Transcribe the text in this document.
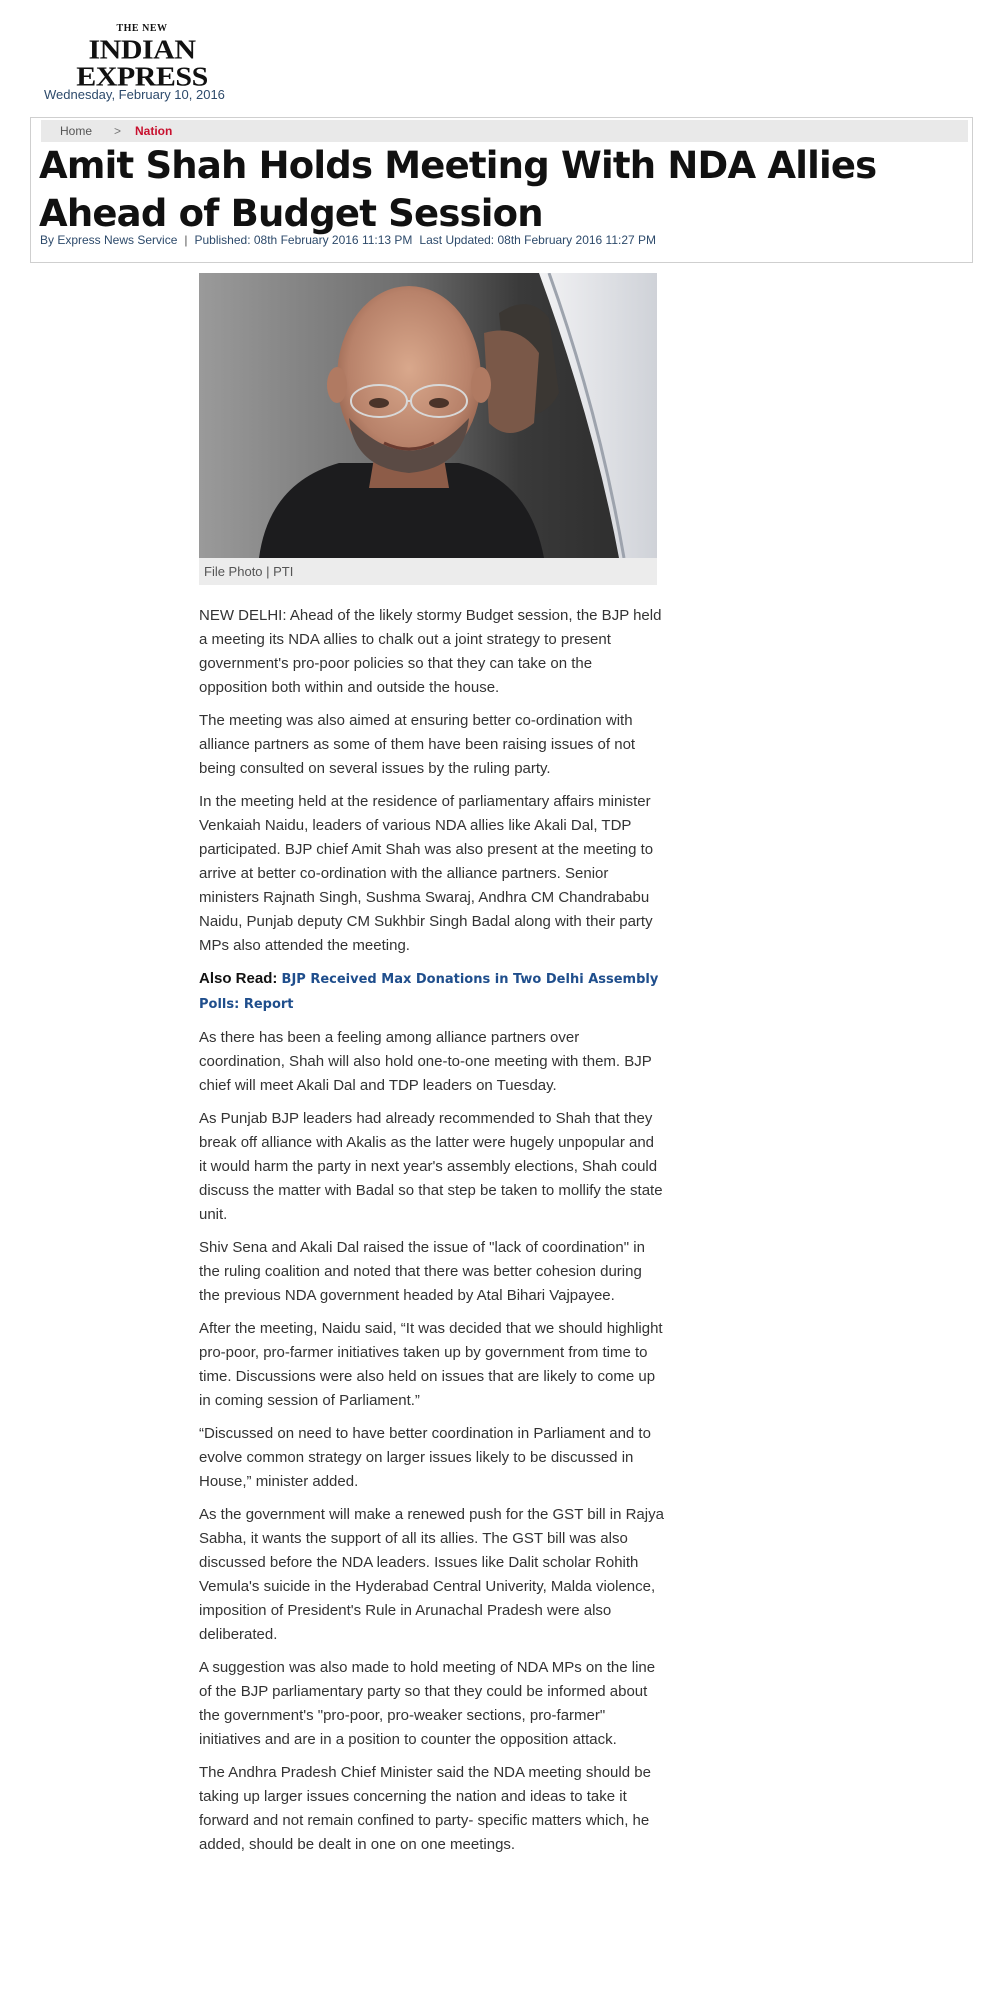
THE NEW
INDIAN EXPRESS
Wednesday, February 10, 2016
Home > Nation
Amit Shah Holds Meeting With NDA Allies Ahead of Budget Session
By Express News Service | Published: 08th February 2016 11:13 PM Last Updated: 08th February 2016 11:27 PM
File Photo | PTI

NEW DELHI: Ahead of the likely stormy Budget session, the BJP held a meeting its NDA allies to chalk out a joint strategy to present government's pro-poor policies so that they can take on the opposition both within and outside the house.

The meeting was also aimed at ensuring better co-ordination with alliance partners as some of them have been raising issues of not being consulted on several issues by the ruling party.

In the meeting held at the residence of parliamentary affairs minister Venkaiah Naidu, leaders of various NDA allies like Akali Dal, TDP participated. BJP chief Amit Shah was also present at the meeting to arrive at better co-ordination with the alliance partners. Senior ministers Rajnath Singh, Sushma Swaraj, Andhra CM Chandrababu Naidu, Punjab deputy CM Sukhbir Singh Badal along with their party MPs also attended the meeting.

Also Read: BJP Received Max Donations in Two Delhi Assembly Polls: Report

As there has been a feeling among alliance partners over coordination, Shah will also hold one-to-one meeting with them. BJP chief will meet Akali Dal and TDP leaders on Tuesday.

As Punjab BJP leaders had already recommended to Shah that they break off alliance with Akalis as the latter were hugely unpopular and it would harm the party in next year's assembly elections, Shah could discuss the matter with Badal so that step be taken to mollify the state unit.

Shiv Sena and Akali Dal raised the issue of "lack of coordination" in the ruling coalition and noted that there was better cohesion during the previous NDA government headed by Atal Bihari Vajpayee.

After the meeting, Naidu said, “It was decided that we should highlight pro-poor, pro-farmer initiatives taken up by government from time to time. Discussions were also held on issues that are likely to come up in coming session of Parliament.”

“Discussed on need to have better coordination in Parliament and to evolve common strategy on larger issues likely to be discussed in House,” minister added.

As the government will make a renewed push for the GST bill in Rajya Sabha, it wants the support of all its allies. The GST bill was also discussed before the NDA leaders. Issues like Dalit scholar Rohith Vemula's suicide in the Hyderabad Central Univerity, Malda violence, imposition of President's Rule in Arunachal Pradesh were also deliberated.

A suggestion was also made to hold meeting of NDA MPs on the line of the BJP parliamentary party so that they could be informed about the government's "pro-poor, pro-weaker sections, pro-farmer" initiatives and are in a position to counter the opposition attack.

The Andhra Pradesh Chief Minister said the NDA meeting should be taking up larger issues concerning the nation and ideas to take it forward and not remain confined to party- specific matters which, he added, should be dealt in one on one meetings.
